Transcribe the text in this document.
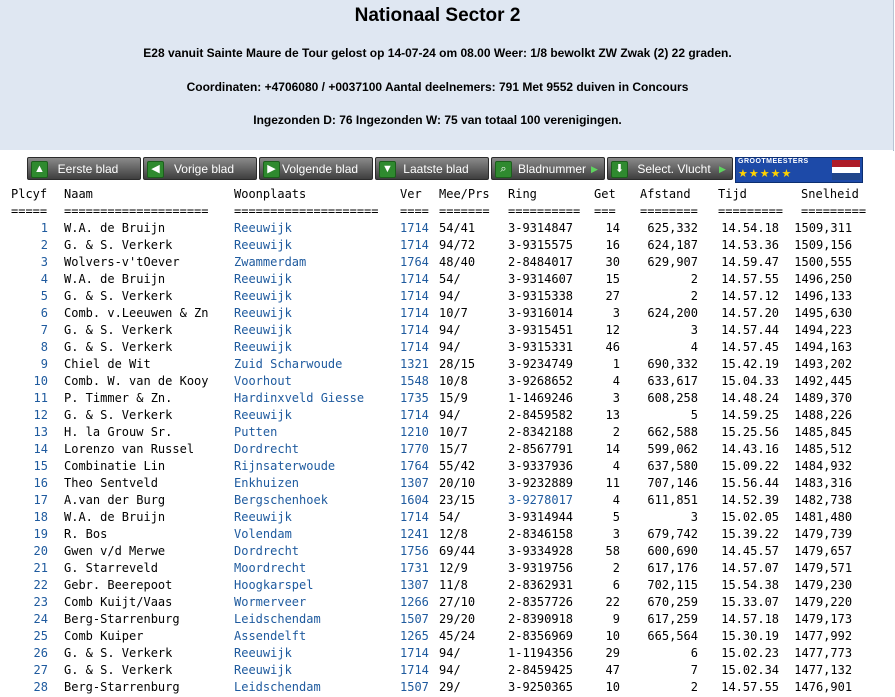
Nationaal Sector 2
E28 vanuit Sainte Maure de Tour gelost op 14-07-24 om 08.00 Weer: 1/8 bewolkt ZW Zwak (2) 22 graden.
Coordinaten: +4706080 / +0037100 Aantal deelnemers: 791 Met 9552 duiven in Concours
Ingezonden D: 76 Ingezonden W: 75 van totaal 100 verenigingen.
▲	Eerste blad	◀	Vorige blad	▶ Volgende blad ▼ Laatste blad	⌕ Bladnummer ▶	⬇	Select. Vlucht ▶
GROOTMEESTERS
★★★★★
Plcyf	Naam	Woonplaats	Ver	Mee/Prs	Ring	Get	Afstand	Tijd	Snelheid
=====	====================	====================	====	=======	==========	===	========	=========	=========
1	W.A. de Bruijn	Reeuwijk	1714	54/41	3-9314847	14	625,332	14.54.18	1509,311
2	G. & S. Verkerk	Reeuwijk	1714	94/72	3-9315575	16	624,187	14.53.36	1509,156
3	Wolvers-v'tOever	Zwammerdam	1764	48/40	2-8484017	30	629,907	14.59.47	1500,555
4	W.A. de Bruijn	Reeuwijk	1714	54/	3-9314607	15	2	14.57.55	1496,250
5	G. & S. Verkerk	Reeuwijk	1714	94/	3-9315338	27	2	14.57.12	1496,133
6	Comb. v.Leeuwen & Zn	Reeuwijk	1714	10/7	3-9316014	3	624,200	14.57.20	1495,630
7	G. & S. Verkerk	Reeuwijk	1714	94/	3-9315451	12	3	14.57.44	1494,223
8	G. & S. Verkerk	Reeuwijk	1714	94/	3-9315331	46	4	14.57.45	1494,163
9	Chiel de Wit	Zuid Scharwoude	1321	28/15	3-9234749	1	690,332	15.42.19	1493,202
10	Comb. W. van de Kooy	Voorhout	1548	10/8	3-9268652	4	633,617	15.04.33	1492,445
11	P. Timmer & Zn.	Hardinxveld Giesse	1735	15/9	1-1469246	3	608,258	14.48.24	1489,370
12	G. & S. Verkerk	Reeuwijk	1714	94/	2-8459582	13	5	14.59.25	1488,226
13	H. la Grouw Sr.	Putten	1210	10/7	2-8342188	2	662,588	15.25.56	1485,845
14	Lorenzo van Russel	Dordrecht	1770	15/7	2-8567791	14	599,062	14.43.16	1485,512
15	Combinatie Lin	Rijnsaterwoude	1764	55/42	3-9337936	4	637,580	15.09.22	1484,932
16	Theo Sentveld	Enkhuizen	1307	20/10	3-9232889	11	707,146	15.56.44	1483,316
17	A.van der Burg	Bergschenhoek	1604	23/15	3-9278017	4	611,851	14.52.39	1482,738
18	W.A. de Bruijn	Reeuwijk	1714	54/	3-9314944	5	3	15.02.05	1481,480
19	R. Bos	Volendam	1241	12/8	2-8346158	3	679,742	15.39.22	1479,739
20	Gwen v/d Merwe	Dordrecht	1756	69/44	3-9334928	58	600,690	14.45.57	1479,657
21	G. Starreveld	Moordrecht	1731	12/9	3-9319756	2	617,176	14.57.07	1479,571
22	Gebr. Beerepoot	Hoogkarspel	1307	11/8	2-8362931	6	702,115	15.54.38	1479,230
23	Comb Kuijt/Vaas	Wormerveer	1266	27/10	2-8357726	22	670,259	15.33.07	1479,220
24	Berg-Starrenburg	Leidschendam	1507	29/20	2-8390918	9	617,259	14.57.18	1479,173
25	Comb Kuiper	Assendelft	1265	45/24	2-8356969	10	665,564	15.30.19	1477,992
26	G. & S. Verkerk	Reeuwijk	1714	94/	1-1194356	29	6	15.02.23	1477,773
27	G. & S. Verkerk	Reeuwijk	1714	94/	2-8459425	47	7	15.02.34	1477,132
28	Berg-Starrenburg	Leidschendam	1507	29/	3-9250365	10	2	14.57.55	1476,901
